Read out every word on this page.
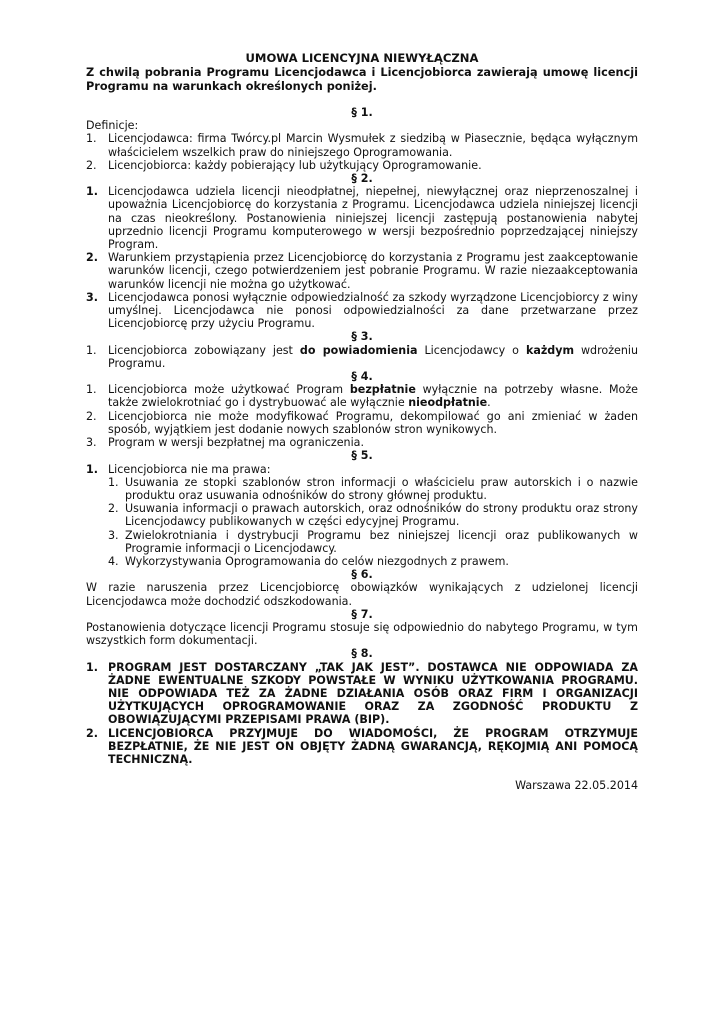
UMOWA LICENCYJNA NIEWYŁĄCZNA

Z chwilą pobrania Programu Licencjodawca i Licencjobiorca zawierają umowę licencji Programu na warunkach określonych poniżej.

§ 1.

Definicje:

1.	Licencjodawca: firma Twórcy.pl Marcin Wysmułek z siedzibą w Piasecznie, będąca wyłącznym właścicielem wszelkich praw do niniejszego Oprogramowania.
2.	Licencjobiorca: każdy pobierający lub użytkujący Oprogramowanie.

§ 2.

1. Licencjodawca udziela licencji nieodpłatnej, niepełnej, niewyłącznej oraz nieprzenoszalnej i upoważnia Licencjobiorcę do korzystania z Programu. Licencjodawca udziela niniejszej licencji na czas nieokreślony. Postanowienia niniejszej licencji zastępują postanowienia nabytej uprzednio licencji Programu komputerowego w wersji bezpośrednio poprzedzającej niniejszy Program.
2. Warunkiem przystąpienia przez Licencjobiorcę do korzystania z Programu jest zaakceptowanie warunków licencji, czego potwierdzeniem jest pobranie Programu. W razie niezaakceptowania warunków licencji nie można go użytkować.
3. Licencjodawca ponosi wyłącznie odpowiedzialność za szkody wyrządzone Licencjobiorcy z winy umyślnej. Licencjodawca nie ponosi odpowiedzialności za dane przetwarzane przez Licencjobiorcę przy użyciu Programu.

§ 3.

1.	Licencjobiorca zobowiązany jest do powiadomienia Licencjodawcy o każdym wdrożeniu Programu.

§ 4.

1.	Licencjobiorca może użytkować Program bezpłatnie wyłącznie na potrzeby własne. Może także zwielokrotniać go i dystrybuować ale wyłącznie nieodpłatnie.
2.	Licencjobiorca nie może modyfikować Programu, dekompilować go ani zmieniać w żaden sposób, wyjątkiem jest dodanie nowych szablonów stron wynikowych.
3.	Program w wersji bezpłatnej ma ograniczenia.

§ 5.

1. Licencjobiorca nie ma prawa:
1. Usuwania ze stopki szablonów stron informacji o właścicielu praw autorskich i o nazwie produktu oraz usuwania odnośników do strony głównej produktu.
2. Usuwania informacji o prawach autorskich, oraz odnośników do strony produktu oraz strony Licencjodawcy publikowanych w części edycyjnej Programu.
3. Zwielokrotniania i dystrybucji Programu bez niniejszej licencji oraz publikowanych w Programie informacji o Licencjodawcy.
4. Wykorzystywania Oprogramowania do celów niezgodnych z prawem.

§ 6.

W razie naruszenia przez Licencjobiorcę obowiązków wynikających z udzielonej licencji Licencjodawca może dochodzić odszkodowania.

§ 7.

Postanowienia dotyczące licencji Programu stosuje się odpowiednio do nabytego Programu, w tym wszystkich form dokumentacji.

§ 8.

1. PROGRAM JEST DOSTARCZANY „TAK JAK JEST”. DOSTAWCA NIE ODPOWIADA ZA ŻADNE EWENTUALNE SZKODY POWSTAŁE W WYNIKU UŻYTKOWANIA PROGRAMU. NIE ODPOWIADA TEŻ ZA ŻADNE DZIAŁANIA OSÓB ORAZ FIRM I ORGANIZACJI UŻYTKUJĄCYCH OPROGRAMOWANIE ORAZ ZA ZGODNOŚĆ PRODUKTU Z OBOWIĄZUJĄCYMI PRZEPISAMI PRAWA (BIP).
2. LICENCJOBIORCA PRZYJMUJE DO WIADOMOŚCI, ŻE PROGRAM OTRZYMUJE BEZPŁATNIE, ŻE NIE JEST ON OBJĘTY ŻADNĄ GWARANCJĄ, RĘKOJMIĄ ANI POMOCĄ TECHNICZNĄ.

Warszawa 22.05.2014
